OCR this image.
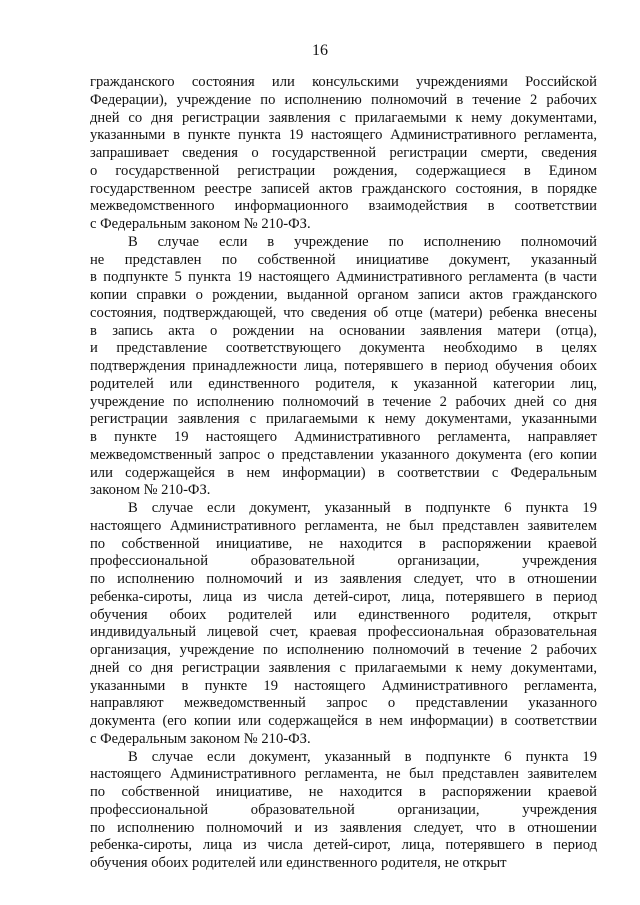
16
гражданского состояния или консульскими учреждениями Российской
Федерации), учреждение по исполнению полномочий в течение 2 рабочих
дней со дня регистрации заявления с прилагаемыми к нему документами,
указанными в пункте пункта 19 настоящего Административного регламента,
запрашивает сведения о государственной регистрации смерти, сведения
о государственной регистрации рождения, содержащиеся в Едином
государственном реестре записей актов гражданского состояния, в порядке
межведомственного информационного взаимодействия в соответствии
с Федеральным законом № 210-ФЗ.
В случае если в учреждение по исполнению полномочий
не представлен по собственной инициативе документ, указанный
в подпункте 5 пункта 19 настоящего Административного регламента (в части
копии справки о рождении, выданной органом записи актов гражданского
состояния, подтверждающей, что сведения об отце (матери) ребенка внесены
в запись акта о рождении на основании заявления матери (отца),
и представление соответствующего документа необходимо в целях
подтверждения принадлежности лица, потерявшего в период обучения обоих
родителей или единственного родителя, к указанной категории лиц,
учреждение по исполнению полномочий в течение 2 рабочих дней со дня
регистрации заявления с прилагаемыми к нему документами, указанными
в пункте 19 настоящего Административного регламента, направляет
межведомственный запрос о представлении указанного документа (его копии
или содержащейся в нем информации) в соответствии с Федеральным
законом № 210-ФЗ.
В случае если документ, указанный в подпункте 6 пункта 19
настоящего Административного регламента, не был представлен заявителем
по собственной инициативе, не находится в распоряжении краевой
профессиональной образовательной организации, учреждения
по исполнению полномочий и из заявления следует, что в отношении
ребенка-сироты, лица из числа детей-сирот, лица, потерявшего в период
обучения обоих родителей или единственного родителя, открыт
индивидуальный лицевой счет, краевая профессиональная образовательная
организация, учреждение по исполнению полномочий в течение 2 рабочих
дней со дня регистрации заявления с прилагаемыми к нему документами,
указанными в пункте 19 настоящего Административного регламента,
направляют межведомственный запрос о представлении указанного
документа (его копии или содержащейся в нем информации) в соответствии
с Федеральным законом № 210-ФЗ.
В случае если документ, указанный в подпункте 6 пункта 19
настоящего Административного регламента, не был представлен заявителем
по собственной инициативе, не находится в распоряжении краевой
профессиональной образовательной организации, учреждения
по исполнению полномочий и из заявления следует, что в отношении
ребенка-сироты, лица из числа детей-сирот, лица, потерявшего в период
обучения обоих родителей или единственного родителя, не открыт
